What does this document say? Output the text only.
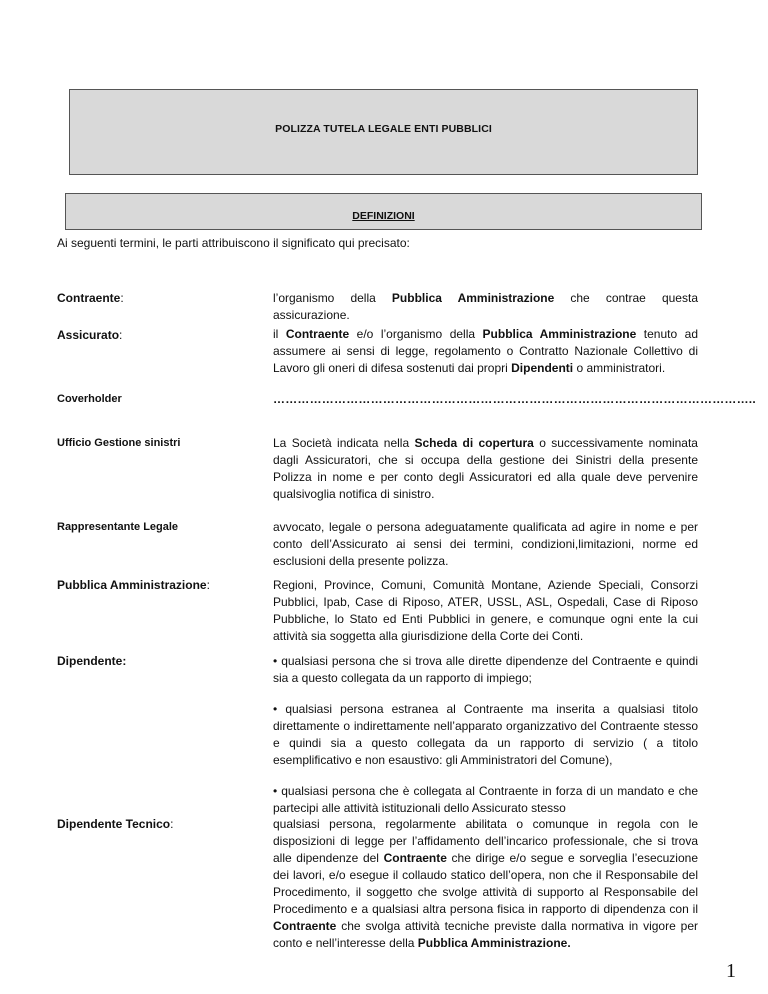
POLIZZA TUTELA LEGALE ENTI PUBBLICI
DEFINIZIONI
Ai seguenti termini, le parti attribuiscono il significato qui precisato:
Contraente:	l’organismo della Pubblica Amministrazione che contrae questa assicurazione.
Assicurato:	il Contraente e/o l’organismo della Pubblica Amministrazione tenuto ad assumere ai sensi di legge, regolamento o Contratto Nazionale Collettivo di Lavoro gli oneri di difesa sostenuti dai propri Dipendenti o amministratori.
Coverholder	………………………………………………………………………………………………………..
Ufficio Gestione sinistri	La Società indicata nella Scheda di copertura o successivamente nominata dagli Assicuratori, che si occupa della gestione dei Sinistri della presente Polizza in nome e per conto degli Assicuratori ed alla quale deve pervenire qualsivoglia notifica di sinistro.
Rappresentante Legale	avvocato, legale o persona adeguatamente qualificata ad agire in nome e per conto dell’Assicurato ai sensi dei termini, condizioni,limitazioni, norme ed esclusioni della presente polizza.
Pubblica Amministrazione:	Regioni, Province, Comuni, Comunità Montane, Aziende Speciali, Consorzi Pubblici, Ipab, Case di Riposo, ATER, USSL, ASL, Ospedali, Case di Riposo Pubbliche, lo Stato ed Enti Pubblici in genere, e comunque ogni ente la cui attività sia soggetta alla giurisdizione della Corte dei Conti.
Dipendente:	• qualsiasi persona che si trova alle dirette dipendenze del Contraente e quindi sia a questo collegata da un rapporto di impiego;

• qualsiasi persona estranea al Contraente ma inserita a qualsiasi titolo direttamente o indirettamente nell’apparato organizzativo del Contraente stesso e quindi sia a questo collegata da un rapporto di servizio ( a titolo esemplificativo e non esaustivo: gli Amministratori del Comune),

• qualsiasi persona che è collegata al Contraente in forza di un mandato e che partecipi alle attività istituzionali dello Assicurato stesso

Dipendente Tecnico:	qualsiasi persona, regolarmente abilitata o comunque in regola con le disposizioni di legge per l’affidamento dell’incarico professionale, che si trova alle dipendenze del Contraente che dirige e/o segue e sorveglia l’esecuzione dei lavori, e/o esegue il collaudo statico dell’opera, non che il Responsabile del Procedimento, il soggetto che svolge attività di supporto al Responsabile del Procedimento e a qualsiasi altra persona fisica in rapporto di dipendenza con il Contraente che svolga attività tecniche previste dalla normativa in vigore per conto e nell’interesse della Pubblica Amministrazione.
1
